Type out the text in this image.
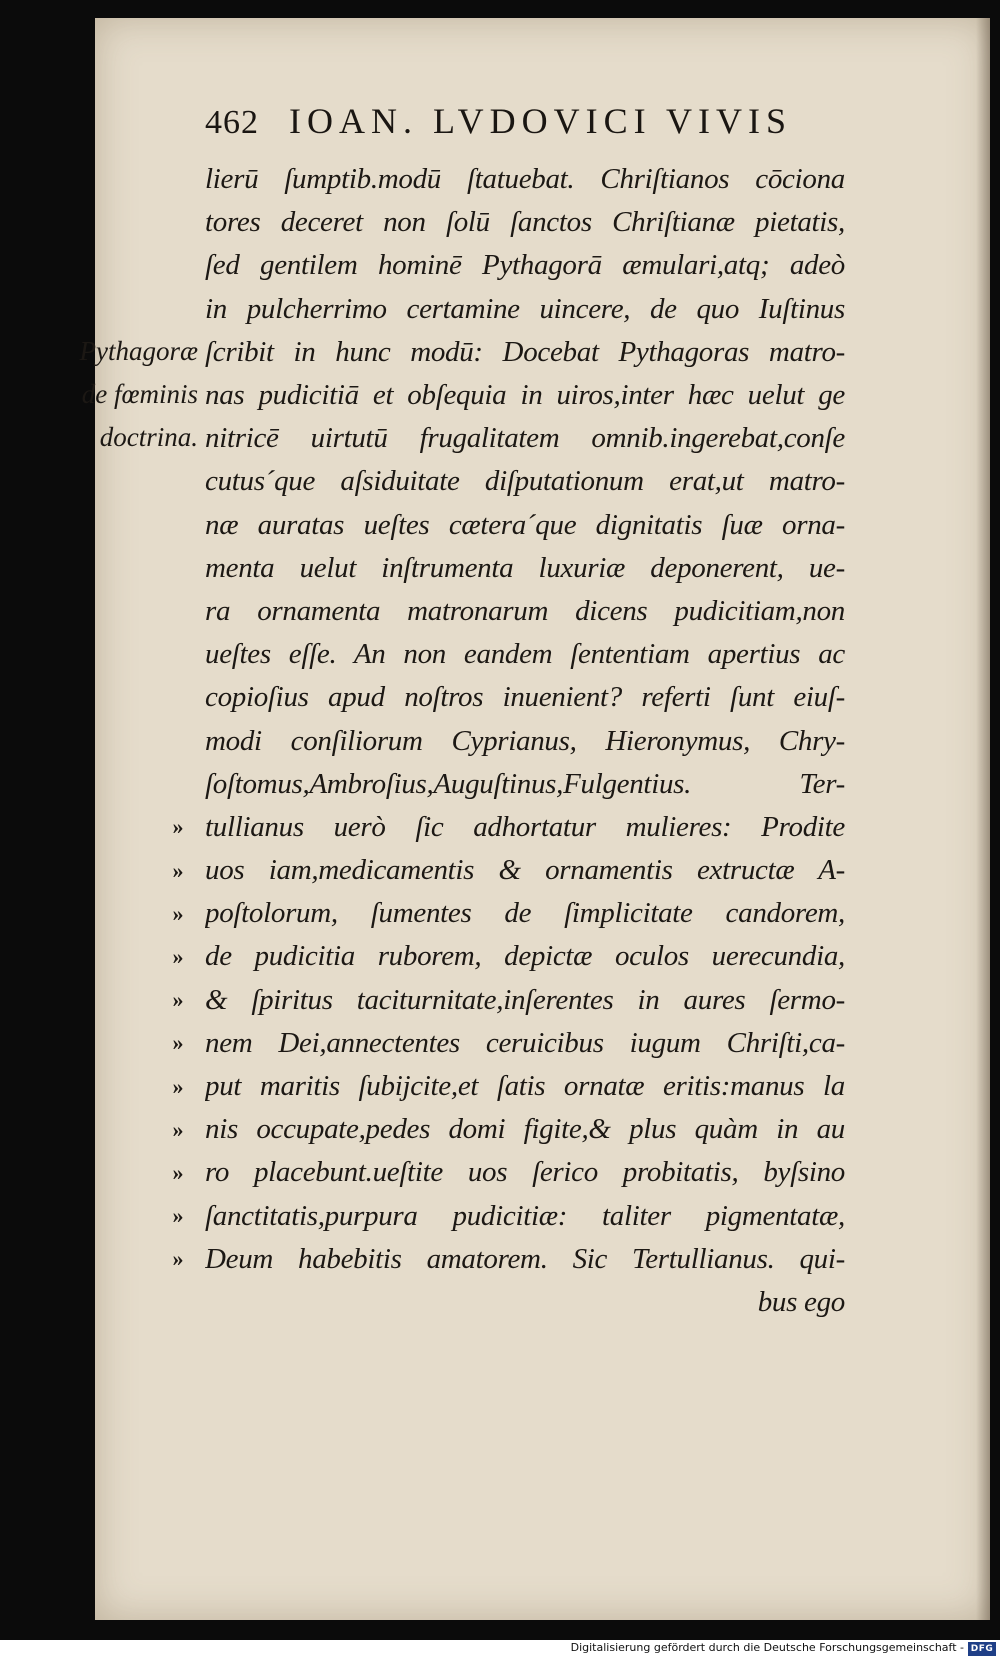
462 IOAN. LVDOVICI VIVIS
Pythagoræ
de fœminis
doctrina.
»
»
»
»
»
»
»
»
»
»
»
lierū ſumptib.modū ſtatuebat. Chriſtianos cōciona
tores deceret non ſolū ſanctos Chriſtianæ pietatis,
ſed gentilem hominē Pythagorā æmulari,atq; adeò
in pulcherrimo certamine uincere, de quo Iuſtinus
ſcribit in hunc modū: Docebat Pythagoras matro-
nas pudicitiā et obſequia in uiros,inter hæc uelut ge
nitricē uirtutū frugalitatem omnib.ingerebat,conſe
cutus´que aſsiduitate diſputationum erat,ut matro-
næ auratas ueſtes cætera´que dignitatis ſuæ orna-
menta uelut inſtrumenta luxuriæ deponerent, ue-
ra ornamenta matronarum dicens pudicitiam,non
ueſtes eſſe. An non eandem ſententiam apertius ac
copioſius apud noſtros inuenient? referti ſunt eiuſ-
modi conſiliorum Cyprianus, Hieronymus, Chry-
ſoſtomus,Ambroſius,Auguſtinus,Fulgentius. Ter-
tullianus uerò ſic adhortatur mulieres: Prodite
uos iam,medicamentis & ornamentis extructæ A-
poſtolorum, ſumentes de ſimplicitate candorem,
de pudicitia ruborem, depictæ oculos uerecundia,
& ſpiritus taciturnitate,inſerentes in aures ſermo-
nem Dei,annectentes ceruicibus iugum Chriſti,ca-
put maritis ſubijcite,et ſatis ornatæ eritis:manus la
nis occupate,pedes domi figite,& plus quàm in au
ro placebunt.ueſtite uos ſerico probitatis, byſsino
ſanctitatis,purpura pudicitiæ: taliter pigmentatæ,
Deum habebitis amatorem. Sic Tertullianus. qui-
bus ego
Digitalisierung gefördert durch die Deutsche Forschungsgemeinschaft - DFG
